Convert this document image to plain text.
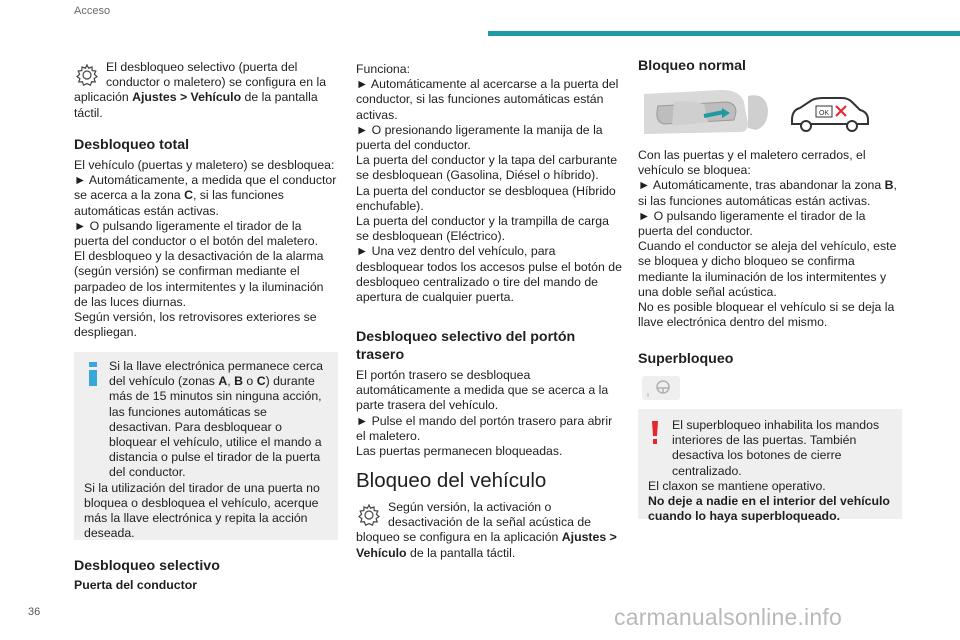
Acceso

El desbloqueo selectivo (puerta del conductor o maletero) se configura en la aplicación Ajustes > Vehículo de la pantalla táctil.

Desbloqueo total

El vehículo (puertas y maletero) se desbloquea:

► Automáticamente, a medida que el conductor se acerca a la zona C, si las funciones automáticas están activas.

► O pulsando ligeramente el tirador de la puerta del conductor o el botón del maletero.

El desbloqueo y la desactivación de la alarma (según versión) se confirman mediante el parpadeo de los intermitentes y la iluminación de las luces diurnas.

Según versión, los retrovisores exteriores se despliegan.

Si la llave electrónica permanece cerca del vehículo (zonas A, B o C) durante más de 15 minutos sin ninguna acción, las funciones automáticas se desactivan. Para desbloquear o bloquear el vehículo, utilice el mando a distancia o pulse el tirador de la puerta del conductor.

Si la utilización del tirador de una puerta no bloquea o desbloquea el vehículo, acerque más la llave electrónica y repita la acción deseada.

Desbloqueo selectivo
Puerta del conductor

Funciona:

► Automáticamente al acercarse a la puerta del conductor, si las funciones automáticas están activas.

► O presionando ligeramente la manija de la puerta del conductor.

La puerta del conductor y la tapa del carburante se desbloquean (Gasolina, Diésel o híbrido).

La puerta del conductor se desbloquea (Híbrido enchufable).

La puerta del conductor y la trampilla de carga se desbloquean (Eléctrico).

► Una vez dentro del vehículo, para desbloquear todos los accesos pulse el botón de desbloqueo centralizado o tire del mando de apertura de cualquier puerta.

Desbloqueo selectivo del portón trasero

El portón trasero se desbloquea automáticamente a medida que se acerca a la parte trasera del vehículo.

► Pulse el mando del portón trasero para abrir el maletero.

Las puertas permanecen bloqueadas.

Bloqueo del vehículo

Según versión, la activación o desactivación de la señal acústica de bloqueo se configura en la aplicación Ajustes > Vehículo de la pantalla táctil.

Bloqueo normal
OK

Con las puertas y el maletero cerrados, el vehículo se bloquea:

► Automáticamente, tras abandonar la zona B, si las funciones automáticas están activas.

► O pulsando ligeramente el tirador de la puerta del conductor.

Cuando el conductor se aleja del vehículo, este se bloquea y dicho bloqueo se confirma mediante la iluminación de los intermitentes y una doble señal acústica.

No es posible bloquear el vehículo si se deja la llave electrónica dentro del mismo.

Superbloqueo

El superbloqueo inhabilita los mandos interiores de las puertas. También desactiva los botones de cierre centralizado.

El claxon se mantiene operativo.

No deje a nadie en el interior del vehículo cuando lo haya superbloqueado.

36	carmanualsonline.info
